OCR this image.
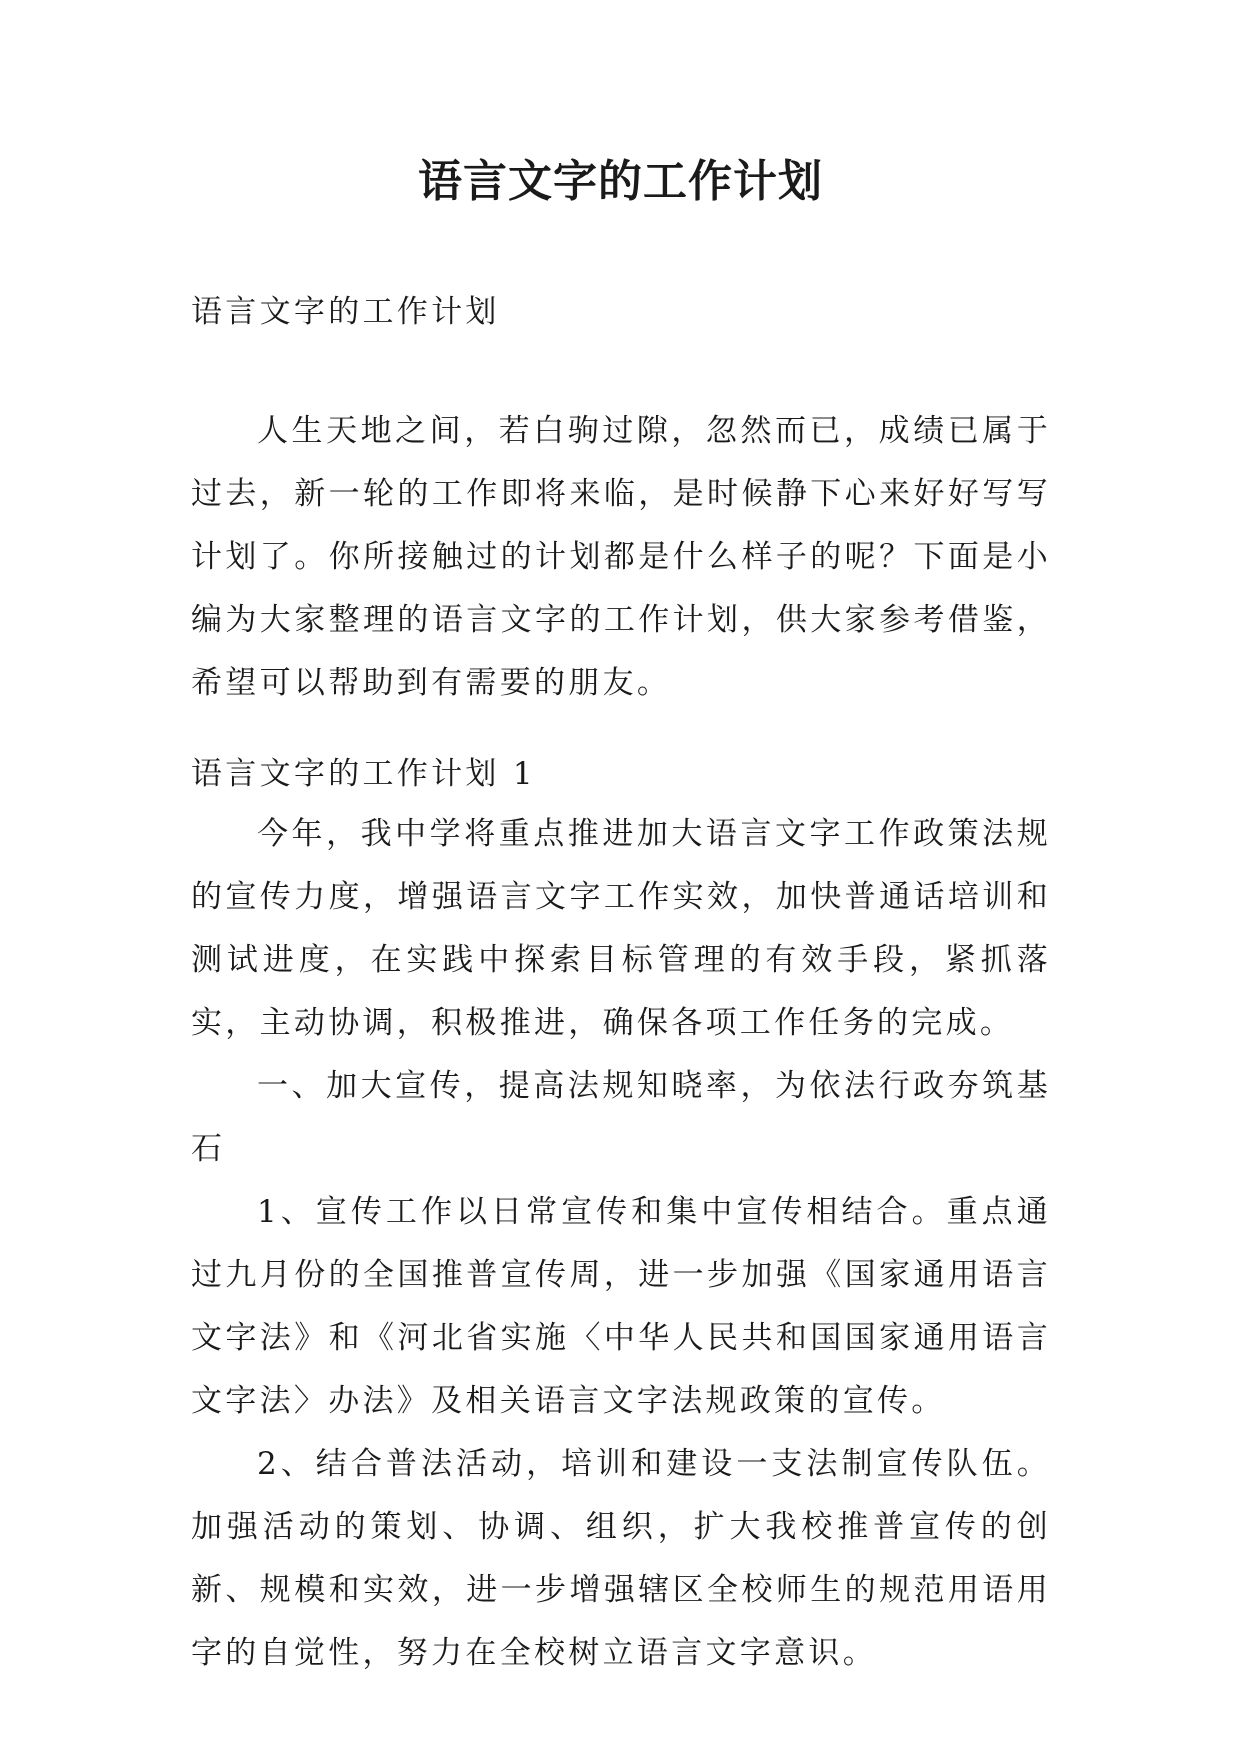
语言文字的工作计划
语言文字的工作计划

人生天地之间，若白驹过隙，忽然而已，成绩已属于过去，新一轮的工作即将来临，是时候静下心来好好写写计划了。你所接触过的计划都是什么样子的呢？下面是小编为大家整理的语言文字的工作计划，供大家参考借鉴，希望可以帮助到有需要的朋友。

语言文字的工作计划 1

今年，我中学将重点推进加大语言文字工作政策法规的宣传力度，增强语言文字工作实效，加快普通话培训和测试进度，在实践中探索目标管理的有效手段，紧抓落实，主动协调，积极推进，确保各项工作任务的完成。

一、加大宣传，提高法规知晓率，为依法行政夯筑基石

1、宣传工作以日常宣传和集中宣传相结合。重点通过九月份的全国推普宣传周，进一步加强《国家通用语言文字法》和《河北省实施〈中华人民共和国国家通用语言文字法〉办法》及相关语言文字法规政策的宣传。

2、结合普法活动，培训和建设一支法制宣传队伍。加强活动的策划、协调、组织，扩大我校推普宣传的创新、规模和实效，进一步增强辖区全校师生的规范用语用字的自觉性，努力在全校树立语言文字意识。
